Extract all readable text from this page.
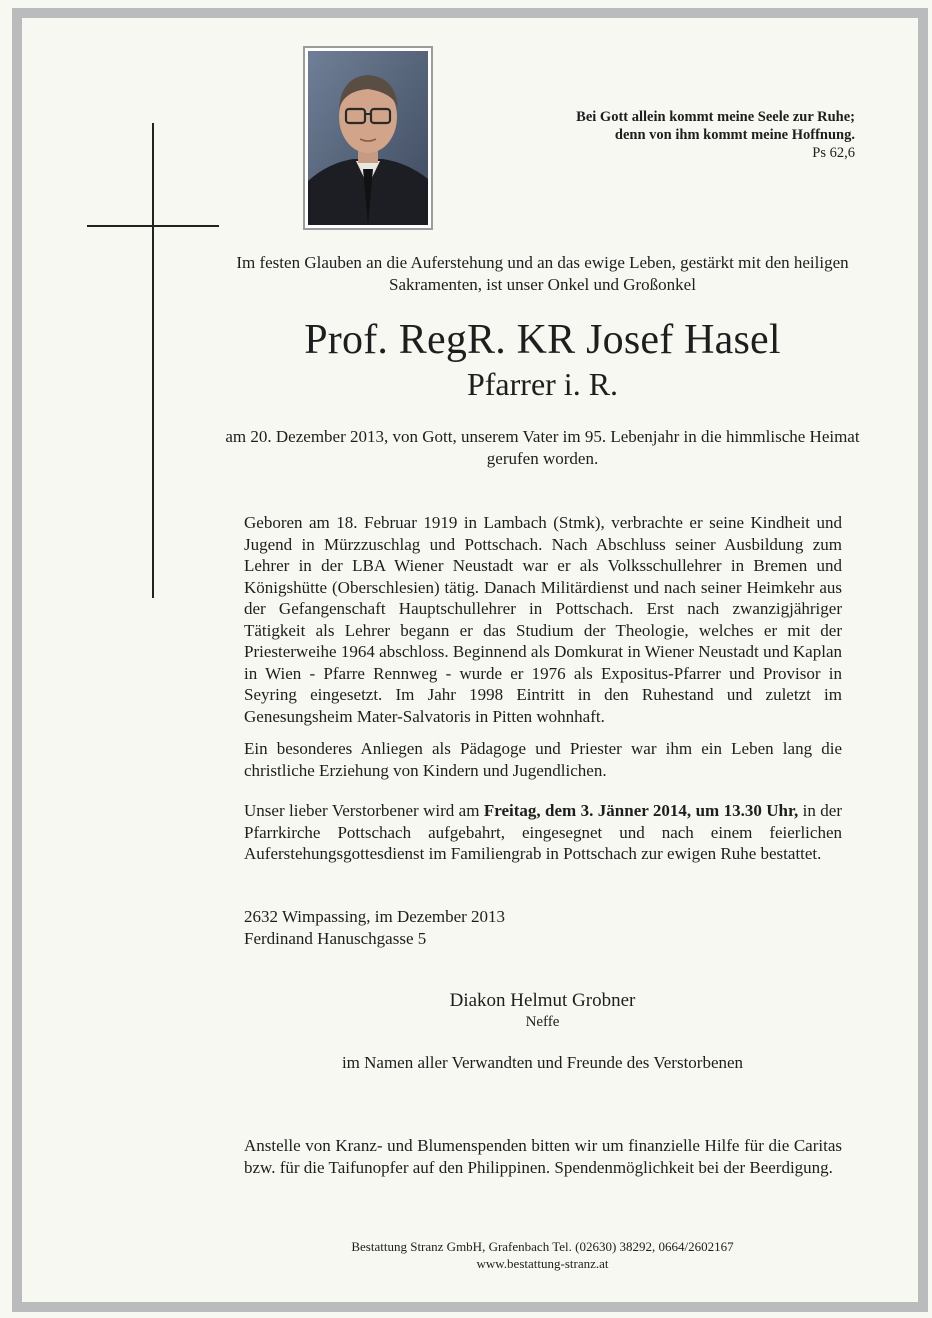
Bei Gott allein kommt meine Seele zur Ruhe;
denn von ihm kommt meine Hoffnung.
Ps 62,6
Im festen Glauben an die Auferstehung und an das ewige Leben, gestärkt mit den heiligen Sakramenten, ist unser Onkel und Großonkel
Prof. RegR. KR Josef Hasel
Pfarrer i. R.
am 20. Dezember 2013, von Gott, unserem Vater im 95. Lebenjahr in die himmlische Heimat gerufen worden.
Geboren am 18. Februar 1919 in Lambach (Stmk), verbrachte er seine Kindheit und Jugend in Mürzzuschlag und Pottschach. Nach Abschluss seiner Ausbildung zum Lehrer in der LBA Wiener Neustadt war er als Volksschullehrer in Bremen und Königshütte (Oberschlesien) tätig. Danach Militärdienst und nach seiner Heimkehr aus der Gefangenschaft Hauptschullehrer in Pottschach. Erst nach zwanzigjähriger Tätigkeit als Lehrer begann er das Studium der Theologie, welches er mit der Priesterweihe 1964 abschloss. Beginnend als Domkurat in Wiener Neustadt und Kaplan in Wien - Pfarre Rennweg - wurde er 1976 als Expositus-Pfarrer und Provisor in Seyring eingesetzt. Im Jahr 1998 Eintritt in den Ruhestand und zuletzt im Genesungsheim Mater-Salvatoris in Pitten wohnhaft.
Ein besonderes Anliegen als Pädagoge und Priester war ihm ein Leben lang die christliche Erziehung von Kindern und Jugendlichen.
Unser lieber Verstorbener wird am Freitag, dem 3. Jänner 2014, um 13.30 Uhr, in der Pfarrkirche Pottschach aufgebahrt, eingesegnet und nach einem feierlichen Auferstehungsgottesdienst im Familiengrab in Pottschach zur ewigen Ruhe bestattet.
2632 Wimpassing, im Dezember 2013
Ferdinand Hanuschgasse 5
Diakon Helmut Grobner
Neffe
im Namen aller Verwandten und Freunde des Verstorbenen
Anstelle von Kranz- und Blumenspenden bitten wir um finanzielle Hilfe für die Caritas bzw. für die Taifunopfer auf den Philippinen. Spendenmöglichkeit bei der Beerdigung.
Bestattung Stranz GmbH, Grafenbach Tel. (02630) 38292, 0664/2602167
www.bestattung-stranz.at
